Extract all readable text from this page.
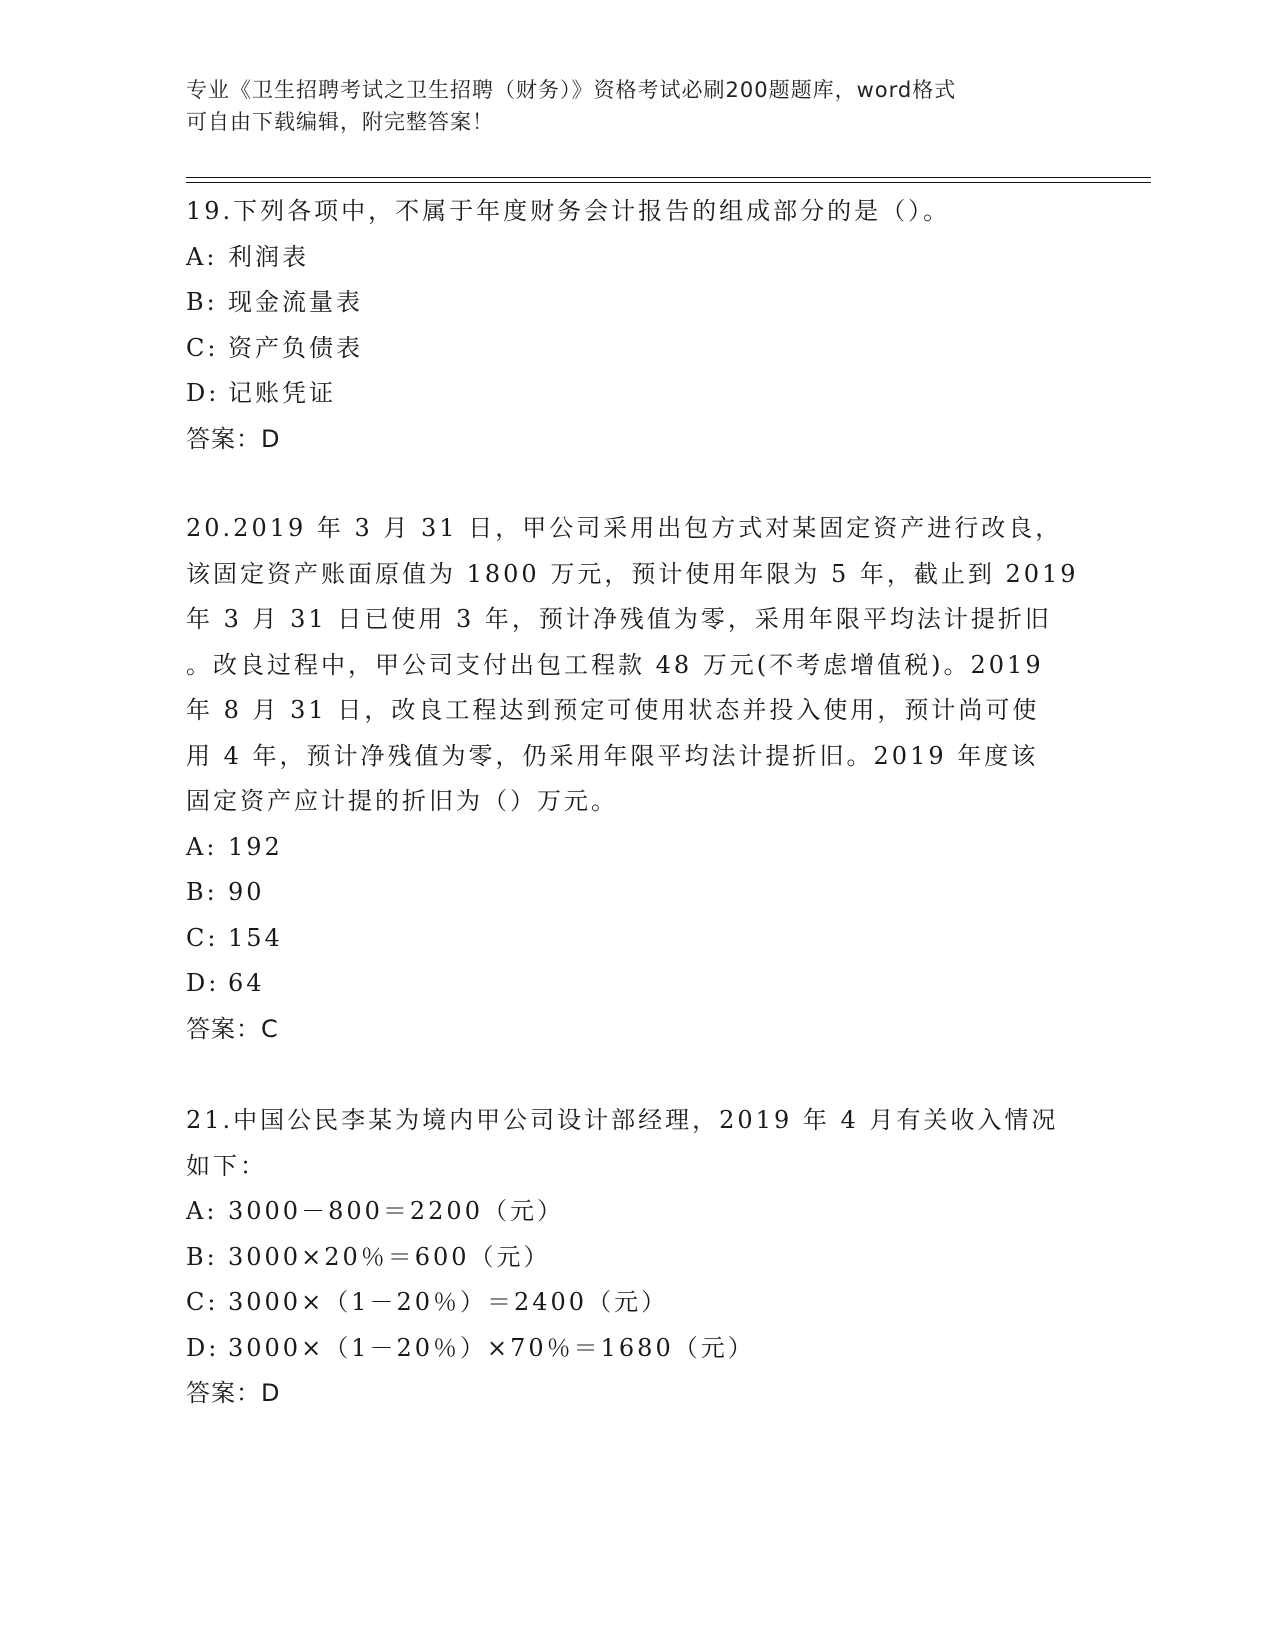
专业《卫生招聘考试之卫生招聘（财务）》资格考试必刷200题题库，word格式
可自由下载编辑，附完整答案！

19.下列各项中，不属于年度财务会计报告的组成部分的是（）。

A: 利润表

B: 现金流量表

C: 资产负债表

D: 记账凭证

答案：D

20.2019 年 3 月 31 日，甲公司采用出包方式对某固定资产进行改良，

该固定资产账面原值为 1800 万元，预计使用年限为 5 年，截止到 2019

年 3 月 31 日已使用 3 年，预计净残值为零，采用年限平均法计提折旧

。改良过程中，甲公司支付出包工程款 48 万元(不考虑增值税)。2019

年 8 月 31 日，改良工程达到预定可使用状态并投入使用，预计尚可使

用 4 年，预计净残值为零，仍采用年限平均法计提折旧。2019 年度该

固定资产应计提的折旧为（）万元。

A: 192

B: 90

C: 154

D: 64

答案：C

21.中国公民李某为境内甲公司设计部经理，2019 年 4 月有关收入情况

如下：

A: 3000－800＝2200（元）

B: 3000×20％＝600（元）

C: 3000×（1－20％）＝2400（元）

D: 3000×（1－20％）×70％＝1680（元）

答案：D
